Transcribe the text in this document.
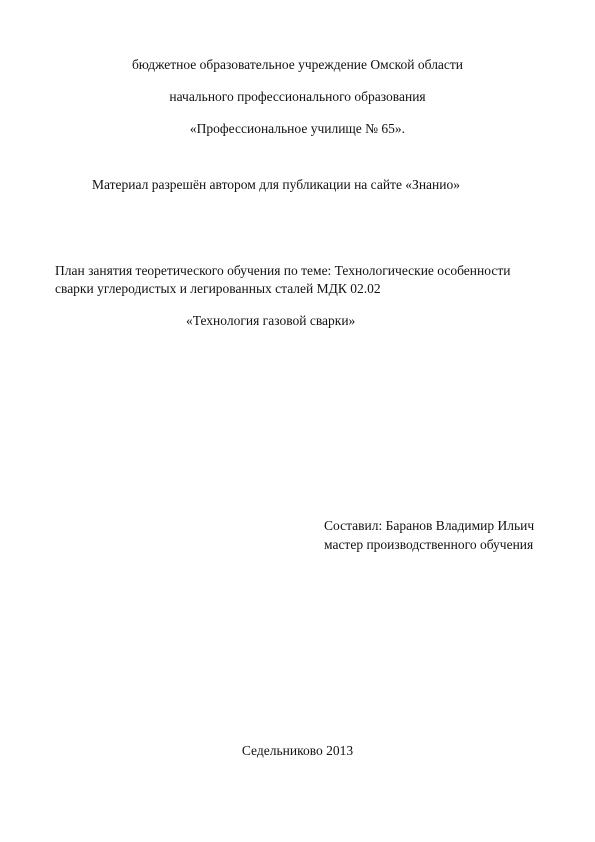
бюджетное образовательное учреждение Омской области
начального профессионального образования
«Профессиональное училище № 65».
Материал разрешён автором для публикации на сайте «Знанио»
План занятия теоретического обучения по теме: Технологические особенности
сварки углеродистых и легированных сталей МДК 02.02
«Технология газовой сварки»
Составил: Баранов Владимир Ильич
мастер производственного обучения
Седельниково 2013
